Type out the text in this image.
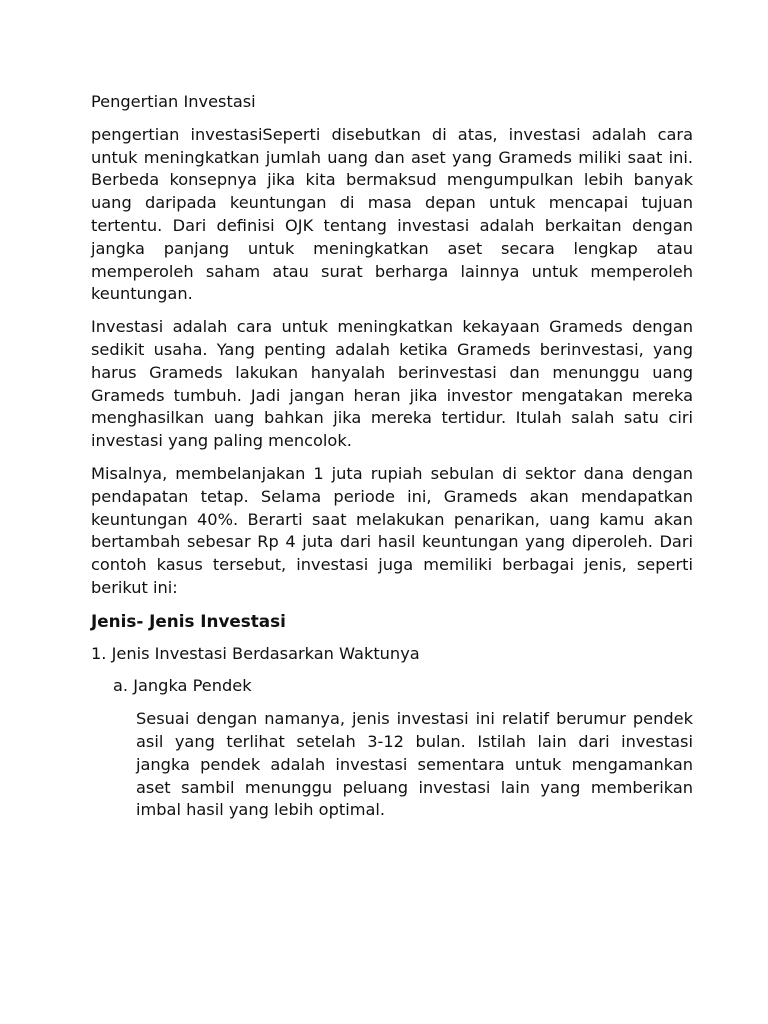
Pengertian Investasi

pengertian investasiSeperti disebutkan di atas, investasi adalah cara untuk meningkatkan jumlah uang dan aset yang Grameds miliki saat ini. Berbeda konsepnya jika kita bermaksud mengumpulkan lebih banyak uang daripada keuntungan di masa depan untuk mencapai tujuan tertentu. Dari definisi OJK tentang investasi adalah berkaitan dengan jangka panjang untuk meningkatkan aset secara lengkap atau memperoleh saham atau surat berharga lainnya untuk memperoleh keuntungan.

Investasi adalah cara untuk meningkatkan kekayaan Grameds dengan sedikit usaha. Yang penting adalah ketika Grameds berinvestasi, yang harus Grameds lakukan hanyalah berinvestasi dan menunggu uang Grameds tumbuh. Jadi jangan heran jika investor mengatakan mereka menghasilkan uang bahkan jika mereka tertidur. Itulah salah satu ciri investasi yang paling mencolok.

Misalnya, membelanjakan 1 juta rupiah sebulan di sektor dana dengan pendapatan tetap. Selama periode ini, Grameds akan mendapatkan keuntungan 40%. Berarti saat melakukan penarikan, uang kamu akan bertambah sebesar Rp 4 juta dari hasil keuntungan yang diperoleh. Dari contoh kasus tersebut, investasi juga memiliki berbagai jenis, seperti berikut ini:

Jenis- Jenis Investasi

1. Jenis Investasi Berdasarkan Waktunya

a. Jangka Pendek

Sesuai dengan namanya, jenis investasi ini relatif berumur pendek asil yang terlihat setelah 3-12 bulan. Istilah lain dari investasi jangka pendek adalah investasi sementara untuk mengamankan aset sambil menunggu peluang investasi lain yang memberikan imbal hasil yang lebih optimal.
